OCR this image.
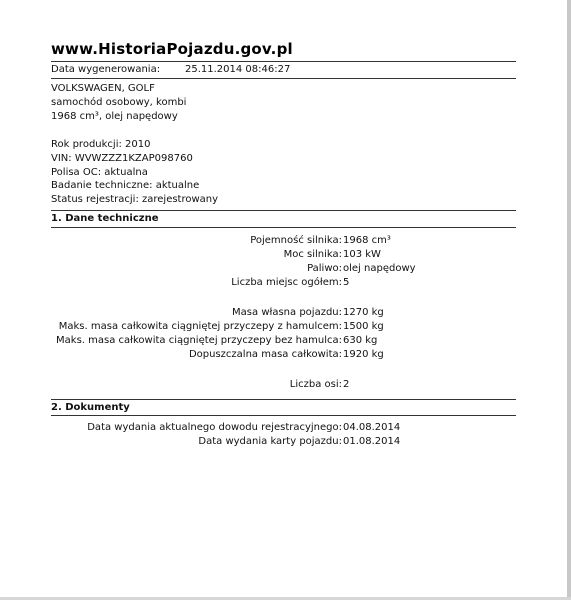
www.HistoriaPojazdu.gov.pl
Data wygenerowania: 25.11.2014 08:46:27
VOLKSWAGEN, GOLF
samochód osobowy, kombi
1968 cm³, olej napędowy
Rok produkcji: 2010
VIN: WVWZZZ1KZAP098760
Polisa OC: aktualna
Badanie techniczne: aktualne
Status rejestracji: zarejestrowany
1. Dane techniczne
Pojemność silnika: 1968 cm³
Moc silnika: 103 kW
Paliwo: olej napędowy
Liczba miejsc ogółem: 5
Masa własna pojazdu: 1270 kg
Maks. masa całkowita ciągniętej przyczepy z hamulcem: 1500 kg
Maks. masa całkowita ciągniętej przyczepy bez hamulca: 630 kg
Dopuszczalna masa całkowita: 1920 kg
Liczba osi: 2
2. Dokumenty
Data wydania aktualnego dowodu rejestracyjnego: 04.08.2014
Data wydania karty pojazdu: 01.08.2014
